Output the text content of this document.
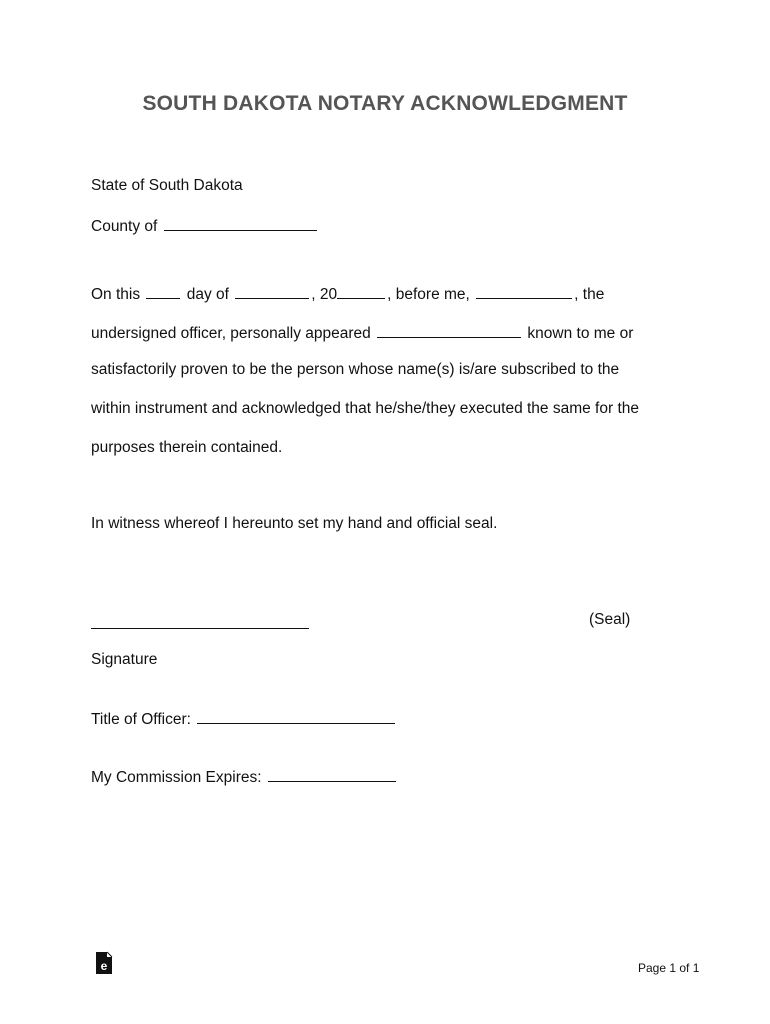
SOUTH DAKOTA NOTARY ACKNOWLEDGMENT
State of South Dakota
County of
On this	day of	, 20	, before me,	, the
undersigned officer, personally appeared	known to me or
satisfactorily proven to be the person whose name(s) is/are subscribed to the
within instrument and acknowledged that he/she/they executed the same for the
purposes therein contained.
In witness whereof I hereunto set my hand and official seal.
(Seal)
Signature
Title of Officer:
My Commission Expires:
e	Page 1 of 1
